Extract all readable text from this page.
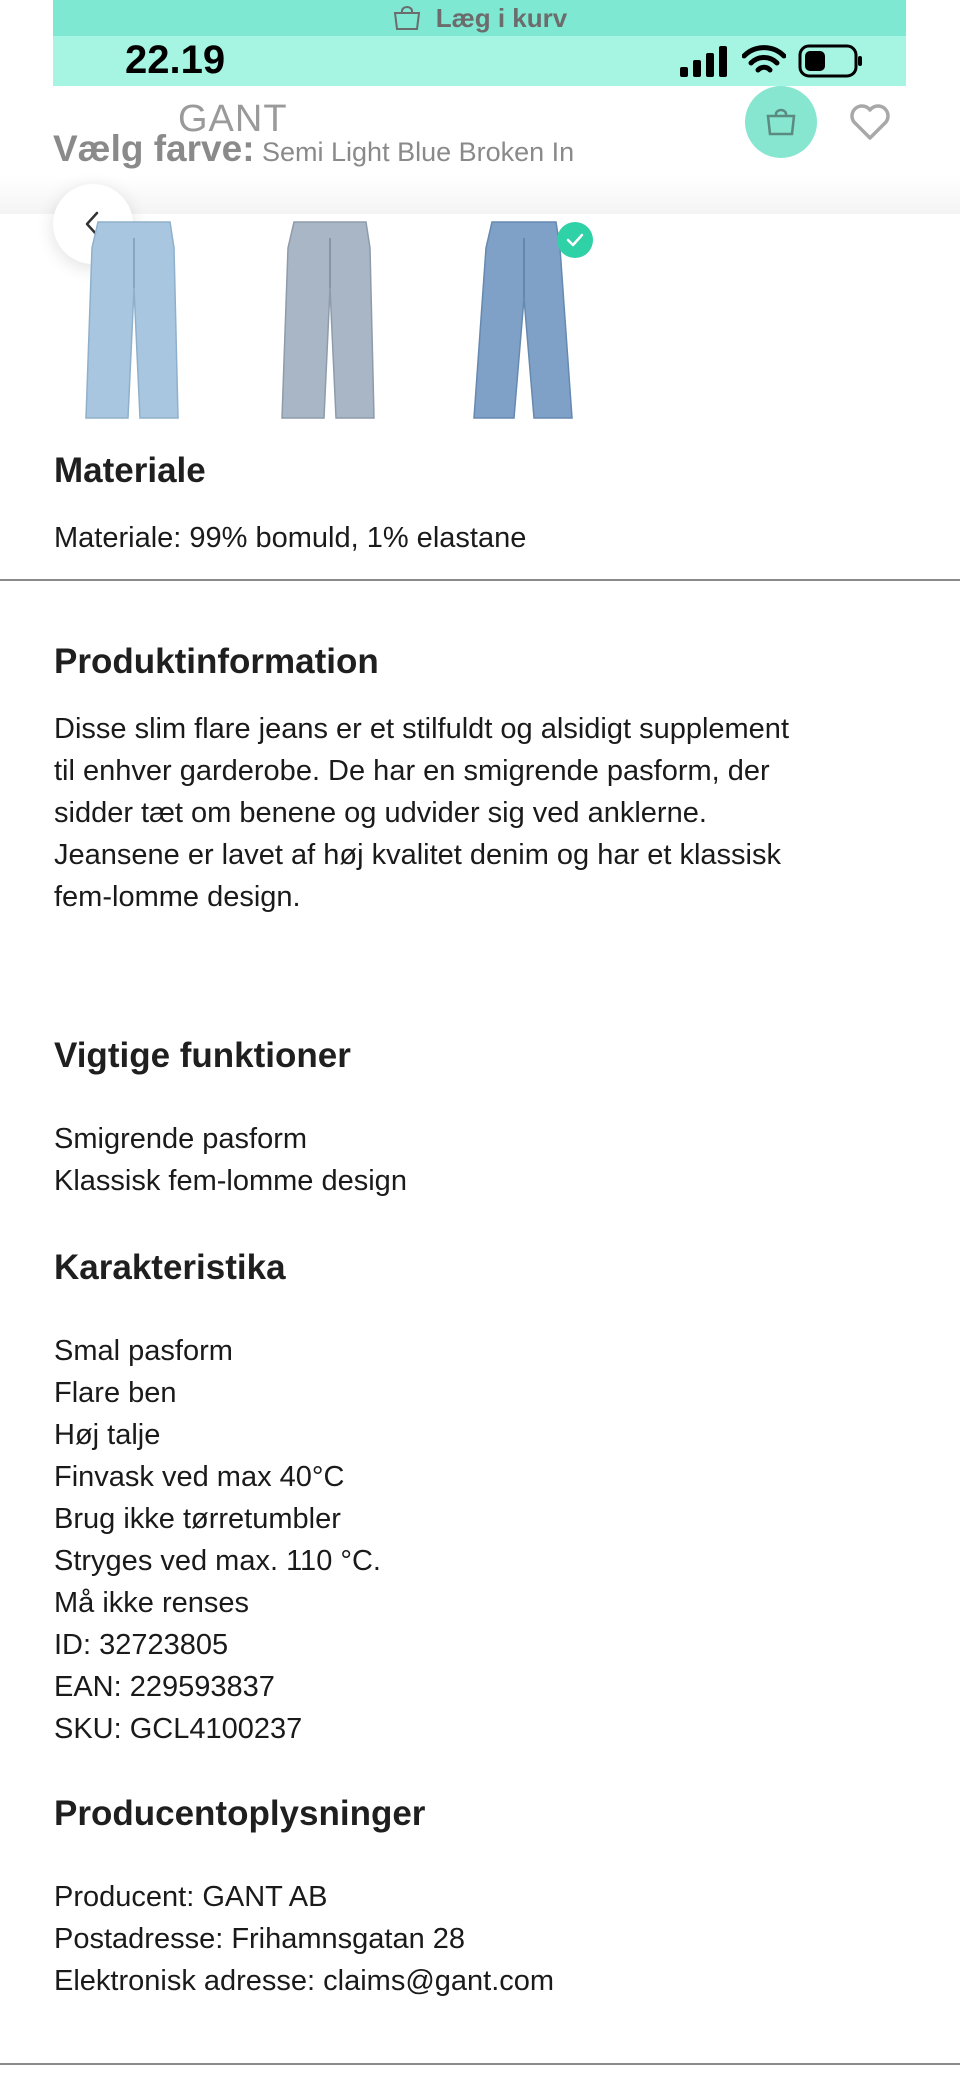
Læg i kurv
22.19
GANT
Vælg farve: Semi Light Blue Broken In
Materiale

Materiale: 99% bomuld, 1% elastane

Produktinformation
Disse slim flare jeans er et stilfuldt og alsidigt supplement
til enhver garderobe. De har en smigrende pasform, der
sidder tæt om benene og udvider sig ved anklerne.
Jeansene er lavet af høj kvalitet denim og har et klassisk
fem-lomme design.
Vigtige funktioner
Smigrende pasform
Klassisk fem-lomme design
Karakteristika
Smal pasform
Flare ben
Høj talje
Finvask ved max 40°C
Brug ikke tørretumbler
Stryges ved max. 110 °C.
Må ikke renses
ID: 32723805
EAN: 229593837
SKU: GCL4100237
Producentoplysninger
Producent: GANT AB
Postadresse: Frihamnsgatan 28
Elektronisk adresse: claims@gant.com
